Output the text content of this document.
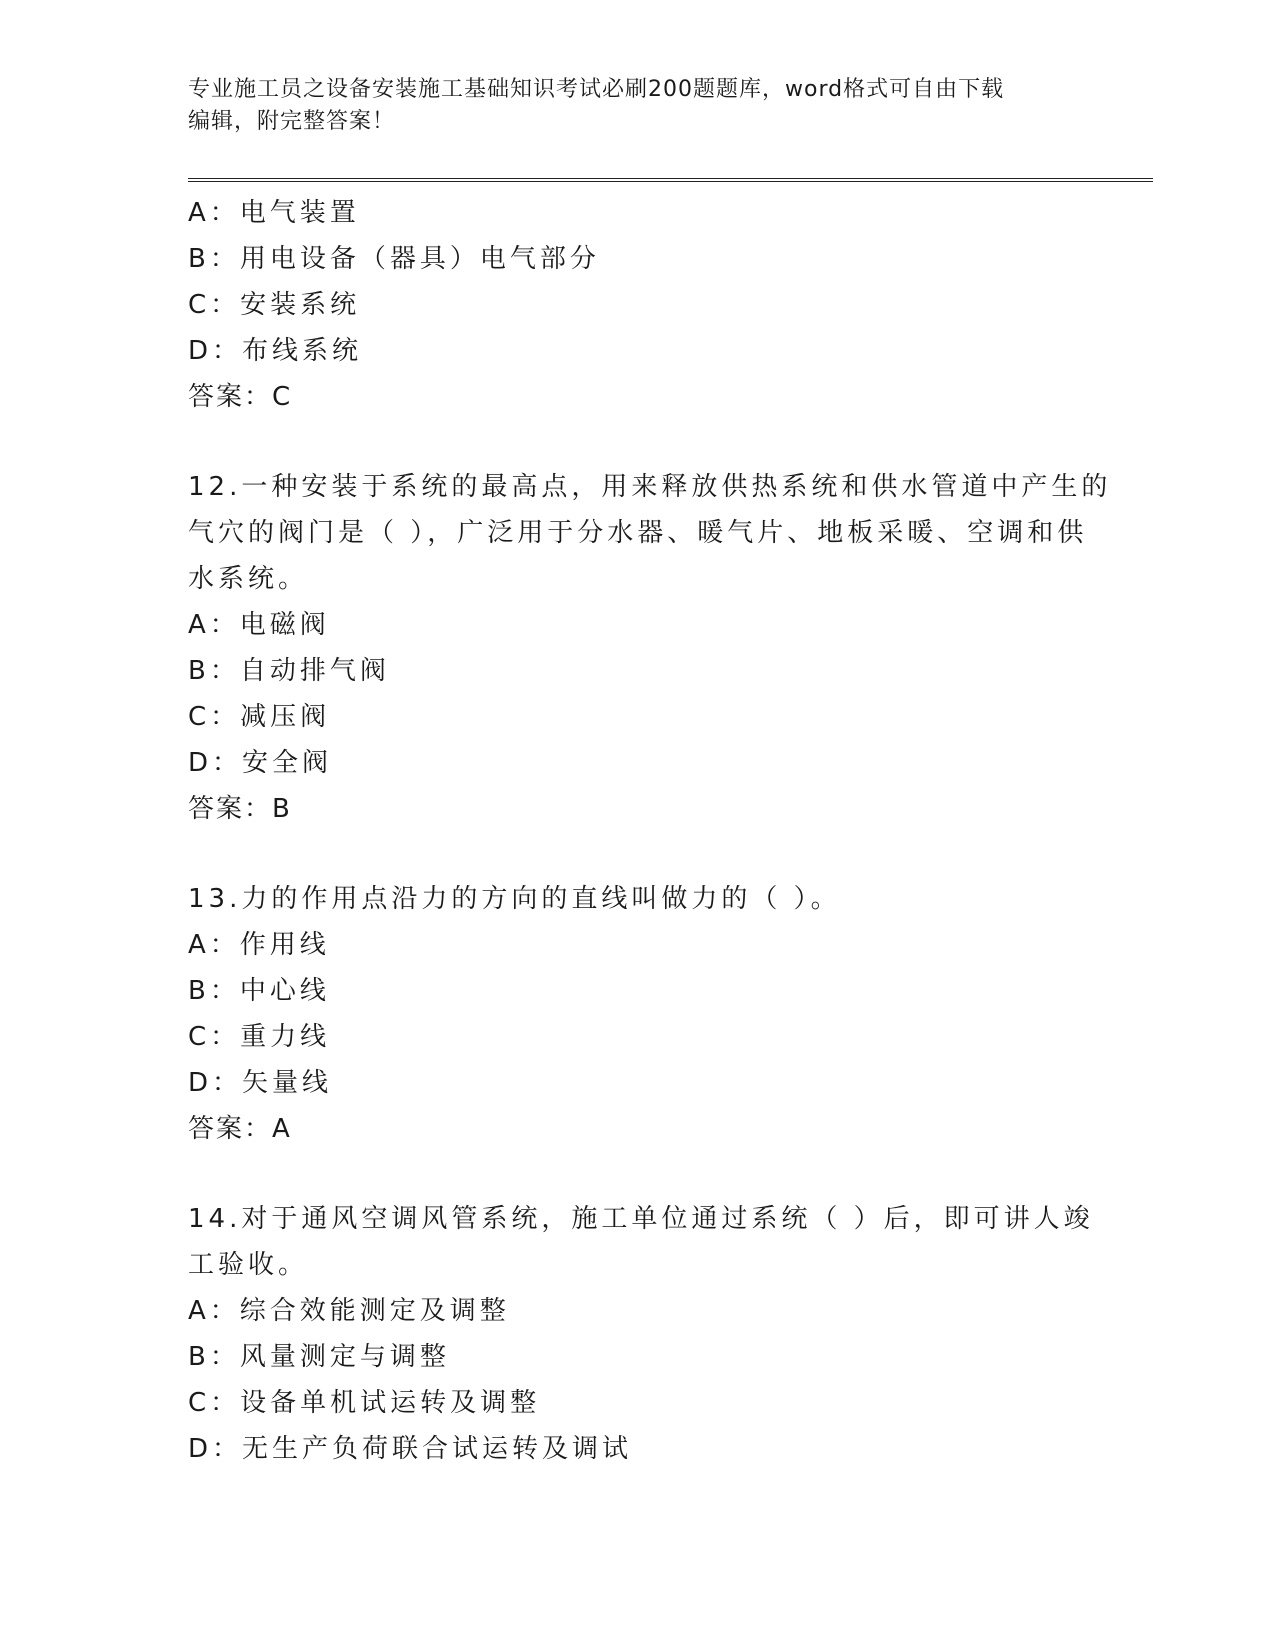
专业施工员之设备安装施工基础知识考试必刷200题题库，word格式可自由下载
编辑，附完整答案！
A：电气装置
B：用电设备（器具）电气部分
C：安装系统
D：布线系统
答案：C
12.一种安装于系统的最高点，用来释放供热系统和供水管道中产生的
气穴的阀门是（ ），广泛用于分水器、暖气片、地板采暖、空调和供
水系统。
A：电磁阀
B：自动排气阀
C：减压阀
D：安全阀
答案：B
13.力的作用点沿力的方向的直线叫做力的（ ）。
A：作用线
B：中心线
C：重力线
D：矢量线
答案：A
14.对于通风空调风管系统，施工单位通过系统（ ）后，即可讲人竣
工验收。
A：综合效能测定及调整
B：风量测定与调整
C：设备单机试运转及调整
D：无生产负荷联合试运转及调试
